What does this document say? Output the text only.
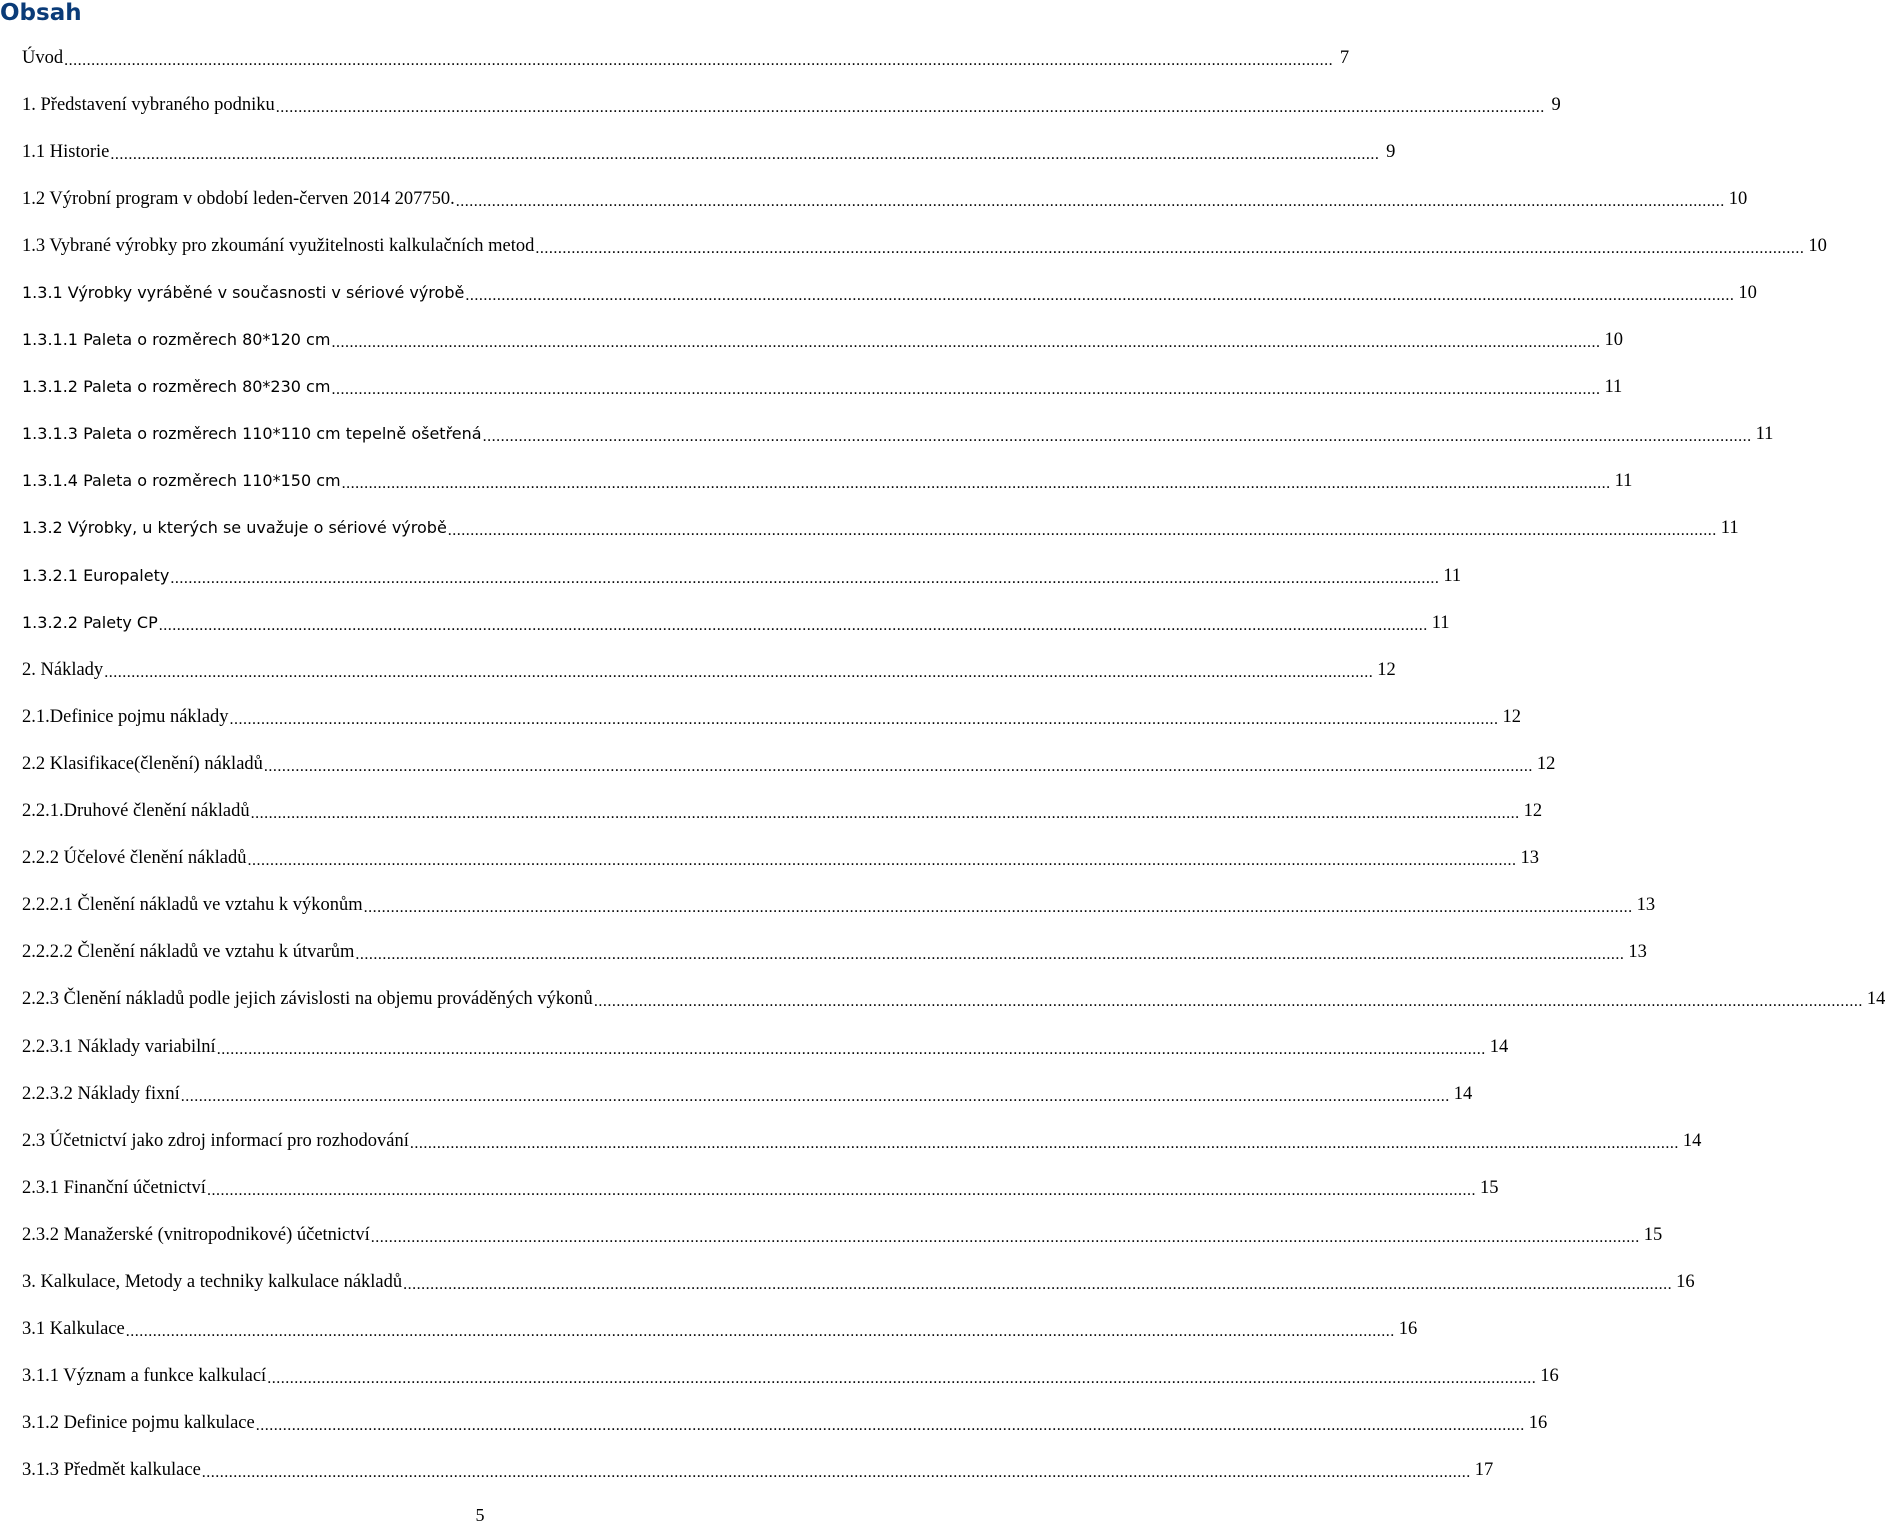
Obsah
Úvod .....	7
1. Představení vybraného podniku .....	9
1.1 Historie .....	9
1.2 Výrobní program v období leden-červen 2014 207750. .....	10
1.3 Vybrané výrobky pro zkoumání využitelnosti kalkulačních metod .....	10
1.3.1 Výrobky vyráběné v současnosti v sériové výrobě .....	10
1.3.1.1 Paleta o rozměrech 80*120 cm .....	10
1.3.1.2 Paleta o rozměrech 80*230 cm .....	11
1.3.1.3 Paleta o rozměrech 110*110 cm tepelně ošetřená .....	11
1.3.1.4 Paleta o rozměrech 110*150 cm .....	11
1.3.2 Výrobky, u kterých se uvažuje o sériové výrobě .....	11
1.3.2.1 Europalety .....	11
1.3.2.2 Palety CP .....	11
2. Náklady .....	12
2.1.Definice pojmu náklady .....	12
2.2 Klasifikace(členění) nákladů .....	12
2.2.1.Druhové členění nákladů .....	12
2.2.2 Účelové členění nákladů .....	13
2.2.2.1 Členění nákladů ve vztahu k výkonům .....	13
2.2.2.2 Členění nákladů ve vztahu k útvarům .....	13
2.2.3 Členění nákladů podle jejich závislosti na objemu prováděných výkonů .....	14
2.2.3.1 Náklady variabilní .....	14
2.2.3.2 Náklady fixní .....	14
2.3 Účetnictví jako zdroj informací pro rozhodování .....	14
2.3.1 Finanční účetnictví .....	15
2.3.2 Manažerské (vnitropodnikové) účetnictví .....	15
3. Kalkulace, Metody a techniky kalkulace nákladů .....	16
3.1 Kalkulace .....	16
3.1.1 Význam a funkce kalkulací .....	16
3.1.2 Definice pojmu kalkulace .....	16
3.1.3 Předmět kalkulace .....	17
5
